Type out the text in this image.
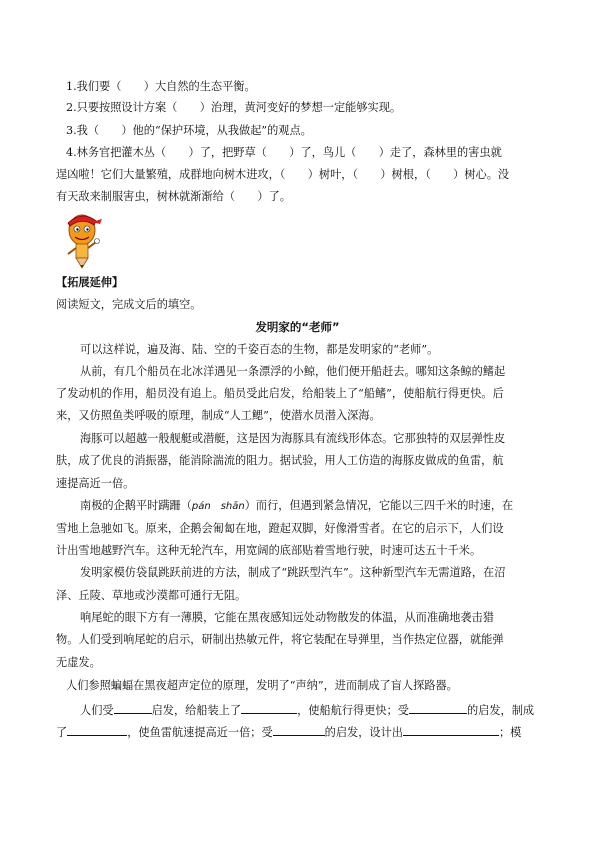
1.我们要（　　）大自然的生态平衡。
2.只要按照设计方案（　　）治理，黄河变好的梦想一定能够实现。
3.我（　　）他的“保护环境，从我做起”的观点。
4.林务官把灌木丛（　　）了，把野草（　　）了，鸟儿（　　）走了，森林里的害虫就
逞凶啦！它们大量繁殖，成群地向树木进攻，（　　）树叶，（　　）树根，（　　）树心。没
有天敌来制服害虫，树林就渐渐给（　　）了。
【拓展延伸】
阅读短文，完成文后的填空。
发明家的“老师”
可以这样说，遍及海、陆、空的千姿百态的生物，都是发明家的“老师”。
从前，有几个船员在北冰洋遇见一条漂浮的小鲸，他们便开船赶去。哪知这条鲸的鳍起
了发动机的作用，船员没有追上。船员受此启发，给船装上了“船鳍”，使船航行得更快。后
来，又仿照鱼类呼吸的原理，制成“人工鳃”，使潜水员潜入深海。
海豚可以超越一般舰艇或潜艇，这是因为海豚具有流线形体态。它那独特的双层弹性皮
肤，成了优良的消振器，能消除湍流的阻力。据试验，用人工仿造的海豚皮做成的鱼雷，航
速提高近一倍。
南极的企鹅平时蹒跚（pán　shān）而行，但遇到紧急情况，它能以三四千米的时速，在
雪地上急驰如飞。原来，企鹅会匍匐在地，蹬起双脚，好像滑雪者。在它的启示下，人们设
计出雪地越野汽车。这种无轮汽车，用宽阔的底部贴着雪地行驶，时速可达五十千米。
发明家模仿袋鼠跳跃前进的方法，制成了“跳跃型汽车”。这种新型汽车无需道路，在沼
泽、丘陵、草地或沙漠都可通行无阻。
响尾蛇的眼下方有一薄膜，它能在黑夜感知远处动物散发的体温，从而准确地袭击猎
物。人们受到响尾蛇的启示，研制出热敏元件，将它装配在导弹里，当作热定位器，就能弹
无虚发。
人们参照蝙蝠在黑夜超声定位的原理，发明了“声纳”，进而制成了盲人探路器。
人们受	启发，给船装上了	，使船航行得更快；受	的启发，制成
了	，使鱼雷航速提高近一倍；受	的启发，设计出	；模
